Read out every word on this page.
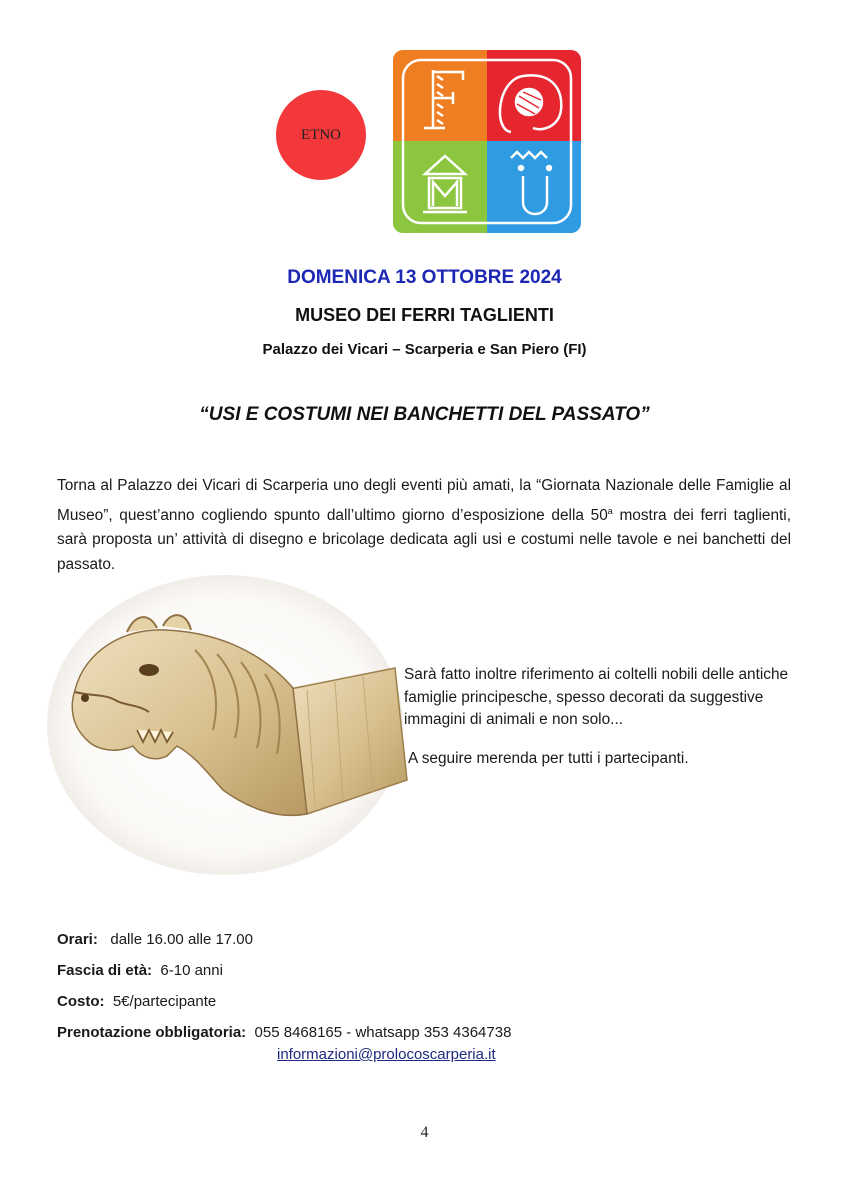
ETNO
DOMENICA 13 OTTOBRE 2024
MUSEO DEI FERRI TAGLIENTI
Palazzo dei Vicari – Scarperia e San Piero (FI)
“USI E COSTUMI NEI BANCHETTI DEL PASSATO”
Torna al Palazzo dei Vicari di Scarperia uno degli eventi più amati, la “Giornata Nazionale delle Famiglie al Museo”, quest’anno cogliendo spunto dall’ultimo giorno d’esposizione della 50$^a$ mostra dei ferri taglienti, sarà proposta un’ attività di disegno e bricolage dedicata agli usi e costumi nelle tavole e nei banchetti del passato.
Sarà fatto inoltre riferimento ai coltelli nobili delle antiche famiglie principesche, spesso decorati da suggestive immagini di animali e non solo...
A seguire merenda per tutti i partecipanti.
Orari: dalle 16.00 alle 17.00
Fascia di età: 6-10 anni
Costo: 5€/partecipante
Prenotazione obbligatoria: 055 8468165 - whatsapp 353 4364738
informazioni@prolocoscarperia.it
4
